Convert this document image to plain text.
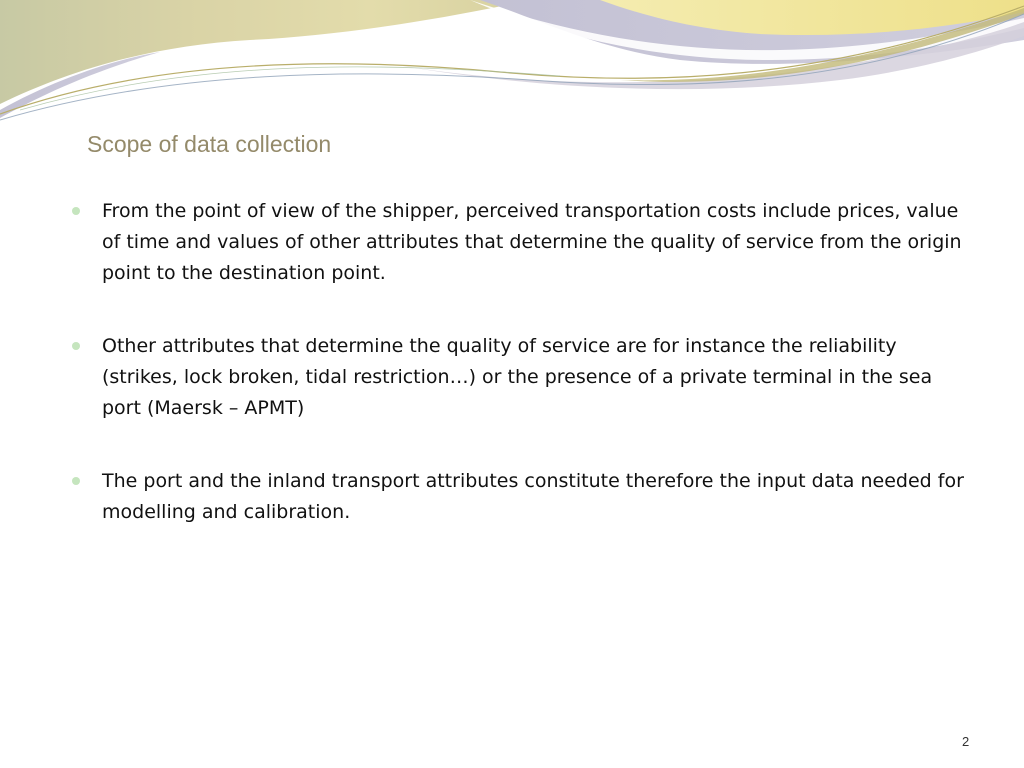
Scope of data collection
From the point of view of the shipper, perceived transportation costs include prices, value of time and values of other attributes that determine the quality of service from the origin point to the destination point.
Other attributes that determine the quality of service are for instance the reliability (strikes, lock broken, tidal restriction…) or the presence of a private terminal in the sea port (Maersk – APMT)
The port and the inland transport attributes constitute therefore the input data needed for modelling and calibration.
2
